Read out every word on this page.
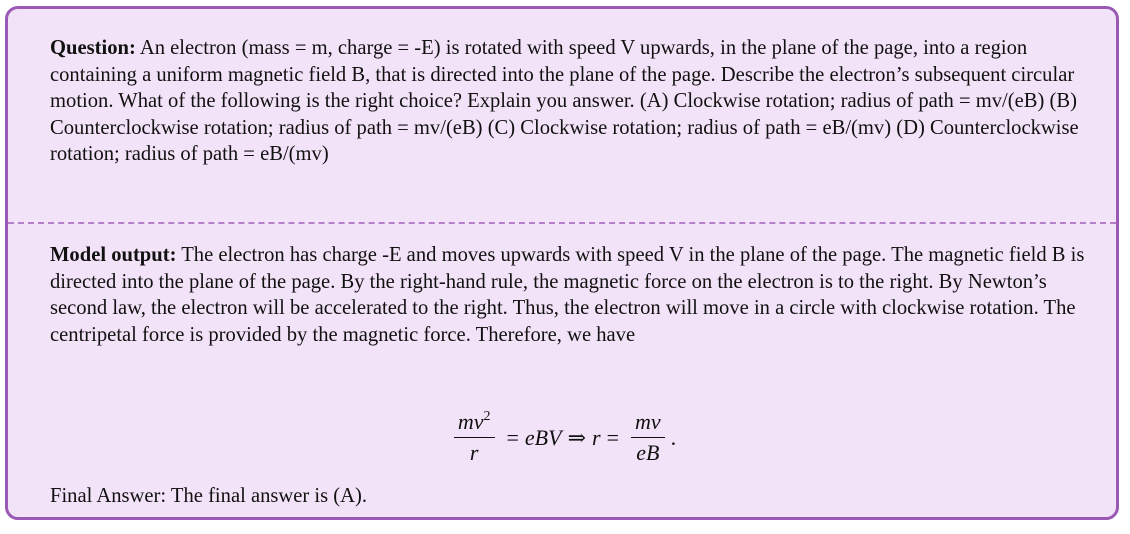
Question: An electron (mass = m, charge = -E) is rotated with speed V upwards, in the plane of the page, into a region containing a uniform magnetic field B, that is directed into the plane of the page. Describe the electron’s subsequent circular motion. What of the following is the right choice? Explain you answer. (A) Clockwise rotation; radius of path = mv/(eB) (B) Counterclockwise rotation; radius of path = mv/(eB) (C) Clockwise rotation; radius of path = eB/(mv) (D) Counterclockwise rotation; radius of path = eB/(mv)
Model output: The electron has charge -E and moves upwards with speed V in the plane of the page. The magnetic field B is directed into the plane of the page. By the right-hand rule, the magnetic force on the electron is to the right. By Newton’s second law, the electron will be accelerated to the right. Thus, the electron will move in a circle with clockwise rotation. The centripetal force is provided by the magnetic force. Therefore, we have
$\frac{mv^2}{r}$ = eBV ⇒ $r = \frac{mv}{eB}$ .
Final Answer: The final answer is (A).
